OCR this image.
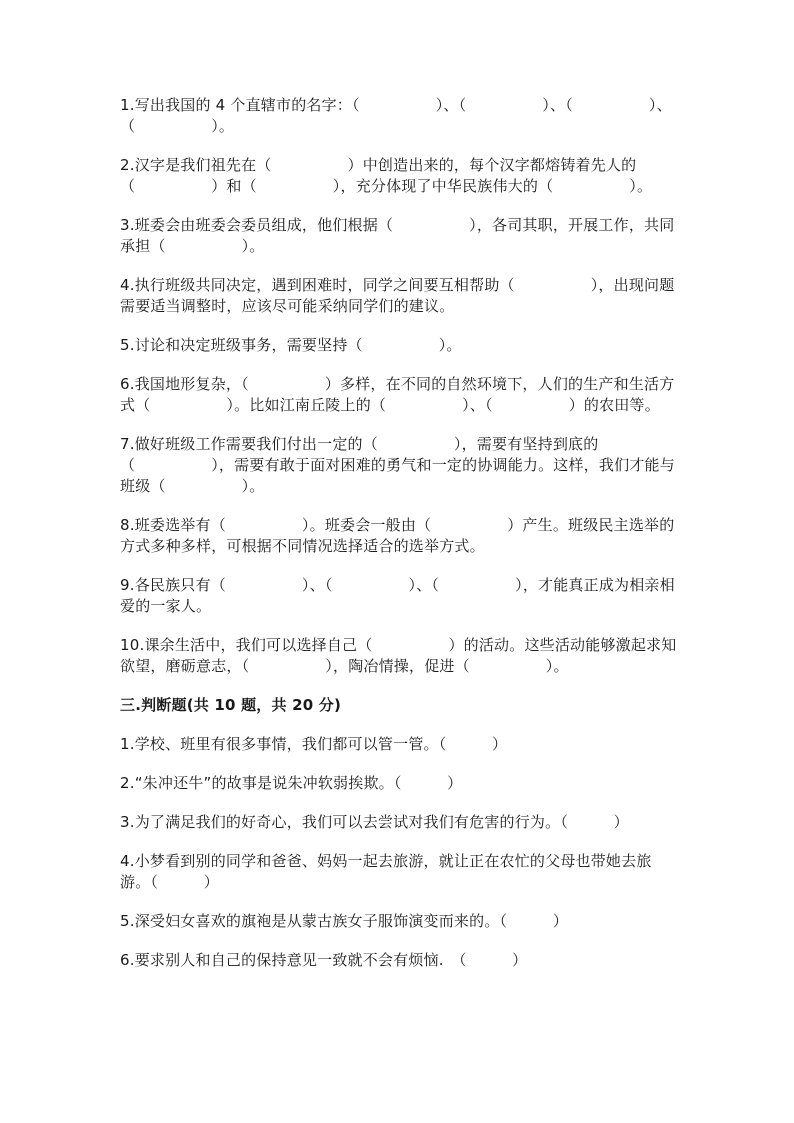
1.写出我国的 4 个直辖市的名字：（　　　　　）、（　　　　　）、（　　　　　）、（　　　　　）。

2.汉字是我们祖先在（　　　　　）中创造出来的，每个汉字都熔铸着先人的（　　　　　）和（　　　　　），充分体现了中华民族伟大的（　　　　　）。

3.班委会由班委会委员组成，他们根据（　　　　　），各司其职，开展工作，共同承担（　　　　　）。

4.执行班级共同决定，遇到困难时，同学之间要互相帮助（　　　　　），出现问题需要适当调整时，应该尽可能采纳同学们的建议。

5.讨论和决定班级事务，需要坚持（　　　　　）。

6.我国地形复杂，（　　　　　）多样，在不同的自然环境下，人们的生产和生活方式（　　　　　）。比如江南丘陵上的（　　　　　）、（　　　　　）的农田等。

7.做好班级工作需要我们付出一定的（　　　　　），需要有坚持到底的（　　　　　），需要有敢于面对困难的勇气和一定的协调能力。这样，我们才能与班级（　　　　　）。

8.班委选举有（　　　　　）。班委会一般由（　　　　　）产生。班级民主选举的方式多种多样，可根据不同情况选择适合的选举方式。

9.各民族只有（　　　　　）、（　　　　　）、（　　　　　），才能真正成为相亲相爱的一家人。

10.课余生活中，我们可以选择自己（　　　　　）的活动。这些活动能够激起求知欲望，磨砺意志，（　　　　　），陶冶情操，促进（　　　　　）。

三.判断题(共 10 题，共 20 分)

1.学校、班里有很多事情，我们都可以管一管。（　　　）

2.“朱冲还牛”的故事是说朱冲软弱挨欺。（　　　）

3.为了满足我们的好奇心，我们可以去尝试对我们有危害的行为。（　　　）

4.小梦看到别的同学和爸爸、妈妈一起去旅游，就让正在农忙的父母也带她去旅游。（　　　）

5.深受妇女喜欢的旗袍是从蒙古族女子服饰演变而来的。（　　　）

6.要求别人和自己的保持意见一致就不会有烦恼.　（　　　）
